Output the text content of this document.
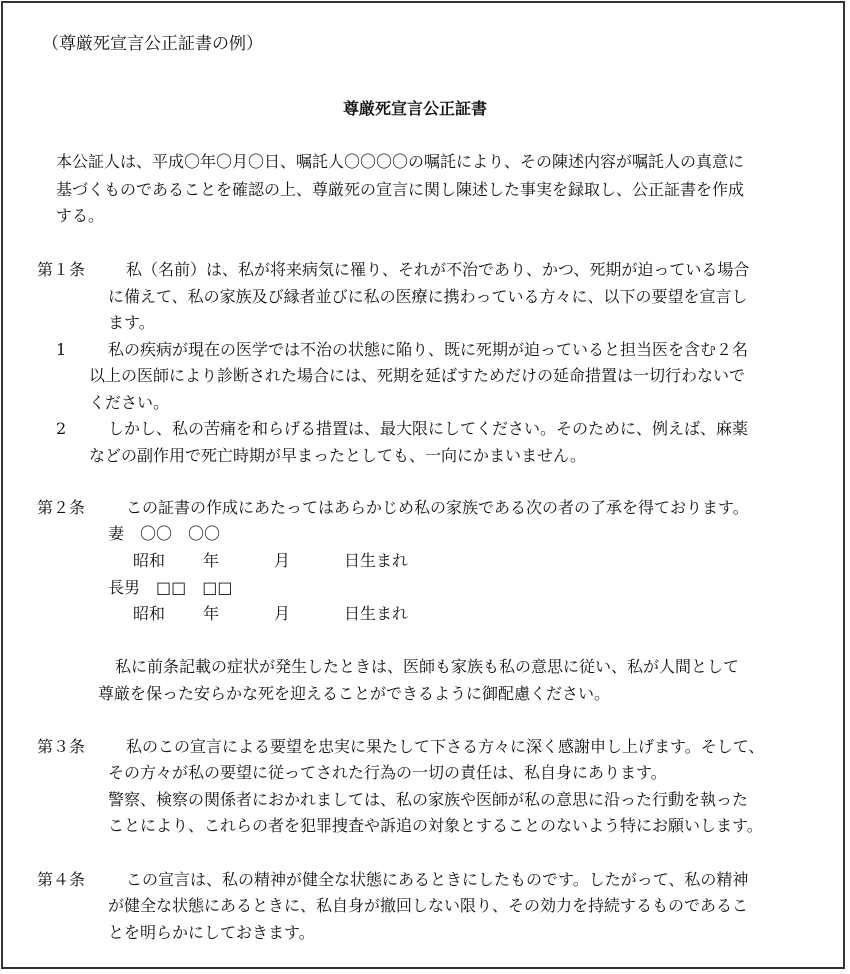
（尊厳死宣言公正証書の例）
尊厳死宣言公正証書
本公証人は、平成〇年〇月〇日、嘱託人〇〇〇〇の嘱託により、その陳述内容が嘱託人の真意に
基づくものであることを確認の上、尊厳死の宣言に関し陳述した事実を録取し、公正証書を作成
する。
第１条	私（名前）は、私が将来病気に罹り、それが不治であり、かつ、死期が迫っている場合
に備えて、私の家族及び縁者並びに私の医療に携わっている方々に、以下の要望を宣言し
ます。
1	私の疾病が現在の医学では不治の状態に陥り、既に死期が迫っていると担当医を含む２名
以上の医師により診断された場合には、死期を延ばすためだけの延命措置は一切行わないで
ください。
2	しかし、私の苦痛を和らげる措置は、最大限にしてください。そのために、例えば、麻薬
などの副作用で死亡時期が早まったとしても、一向にかまいません。
第２条	この証書の作成にあたってはあらかじめ私の家族である次の者の了承を得ております。
妻　〇〇　〇〇
昭和 年	月	日生まれ
長男　□□　□□
昭和 年	月	日生まれ
私に前条記載の症状が発生したときは、医師も家族も私の意思に従い、私が人間として
尊厳を保った安らかな死を迎えることができるように御配慮ください。
第３条	私のこの宣言による要望を忠実に果たして下さる方々に深く感謝申し上げます。そして、
その方々が私の要望に従ってされた行為の一切の責任は、私自身にあります。
警察、検察の関係者におかれましては、私の家族や医師が私の意思に沿った行動を執った
ことにより、これらの者を犯罪捜査や訴追の対象とすることのないよう特にお願いします。
第４条	この宣言は、私の精神が健全な状態にあるときにしたものです。したがって、私の精神
が健全な状態にあるときに、私自身が撤回しない限り、その効力を持続するものであるこ
とを明らかにしておきます。
